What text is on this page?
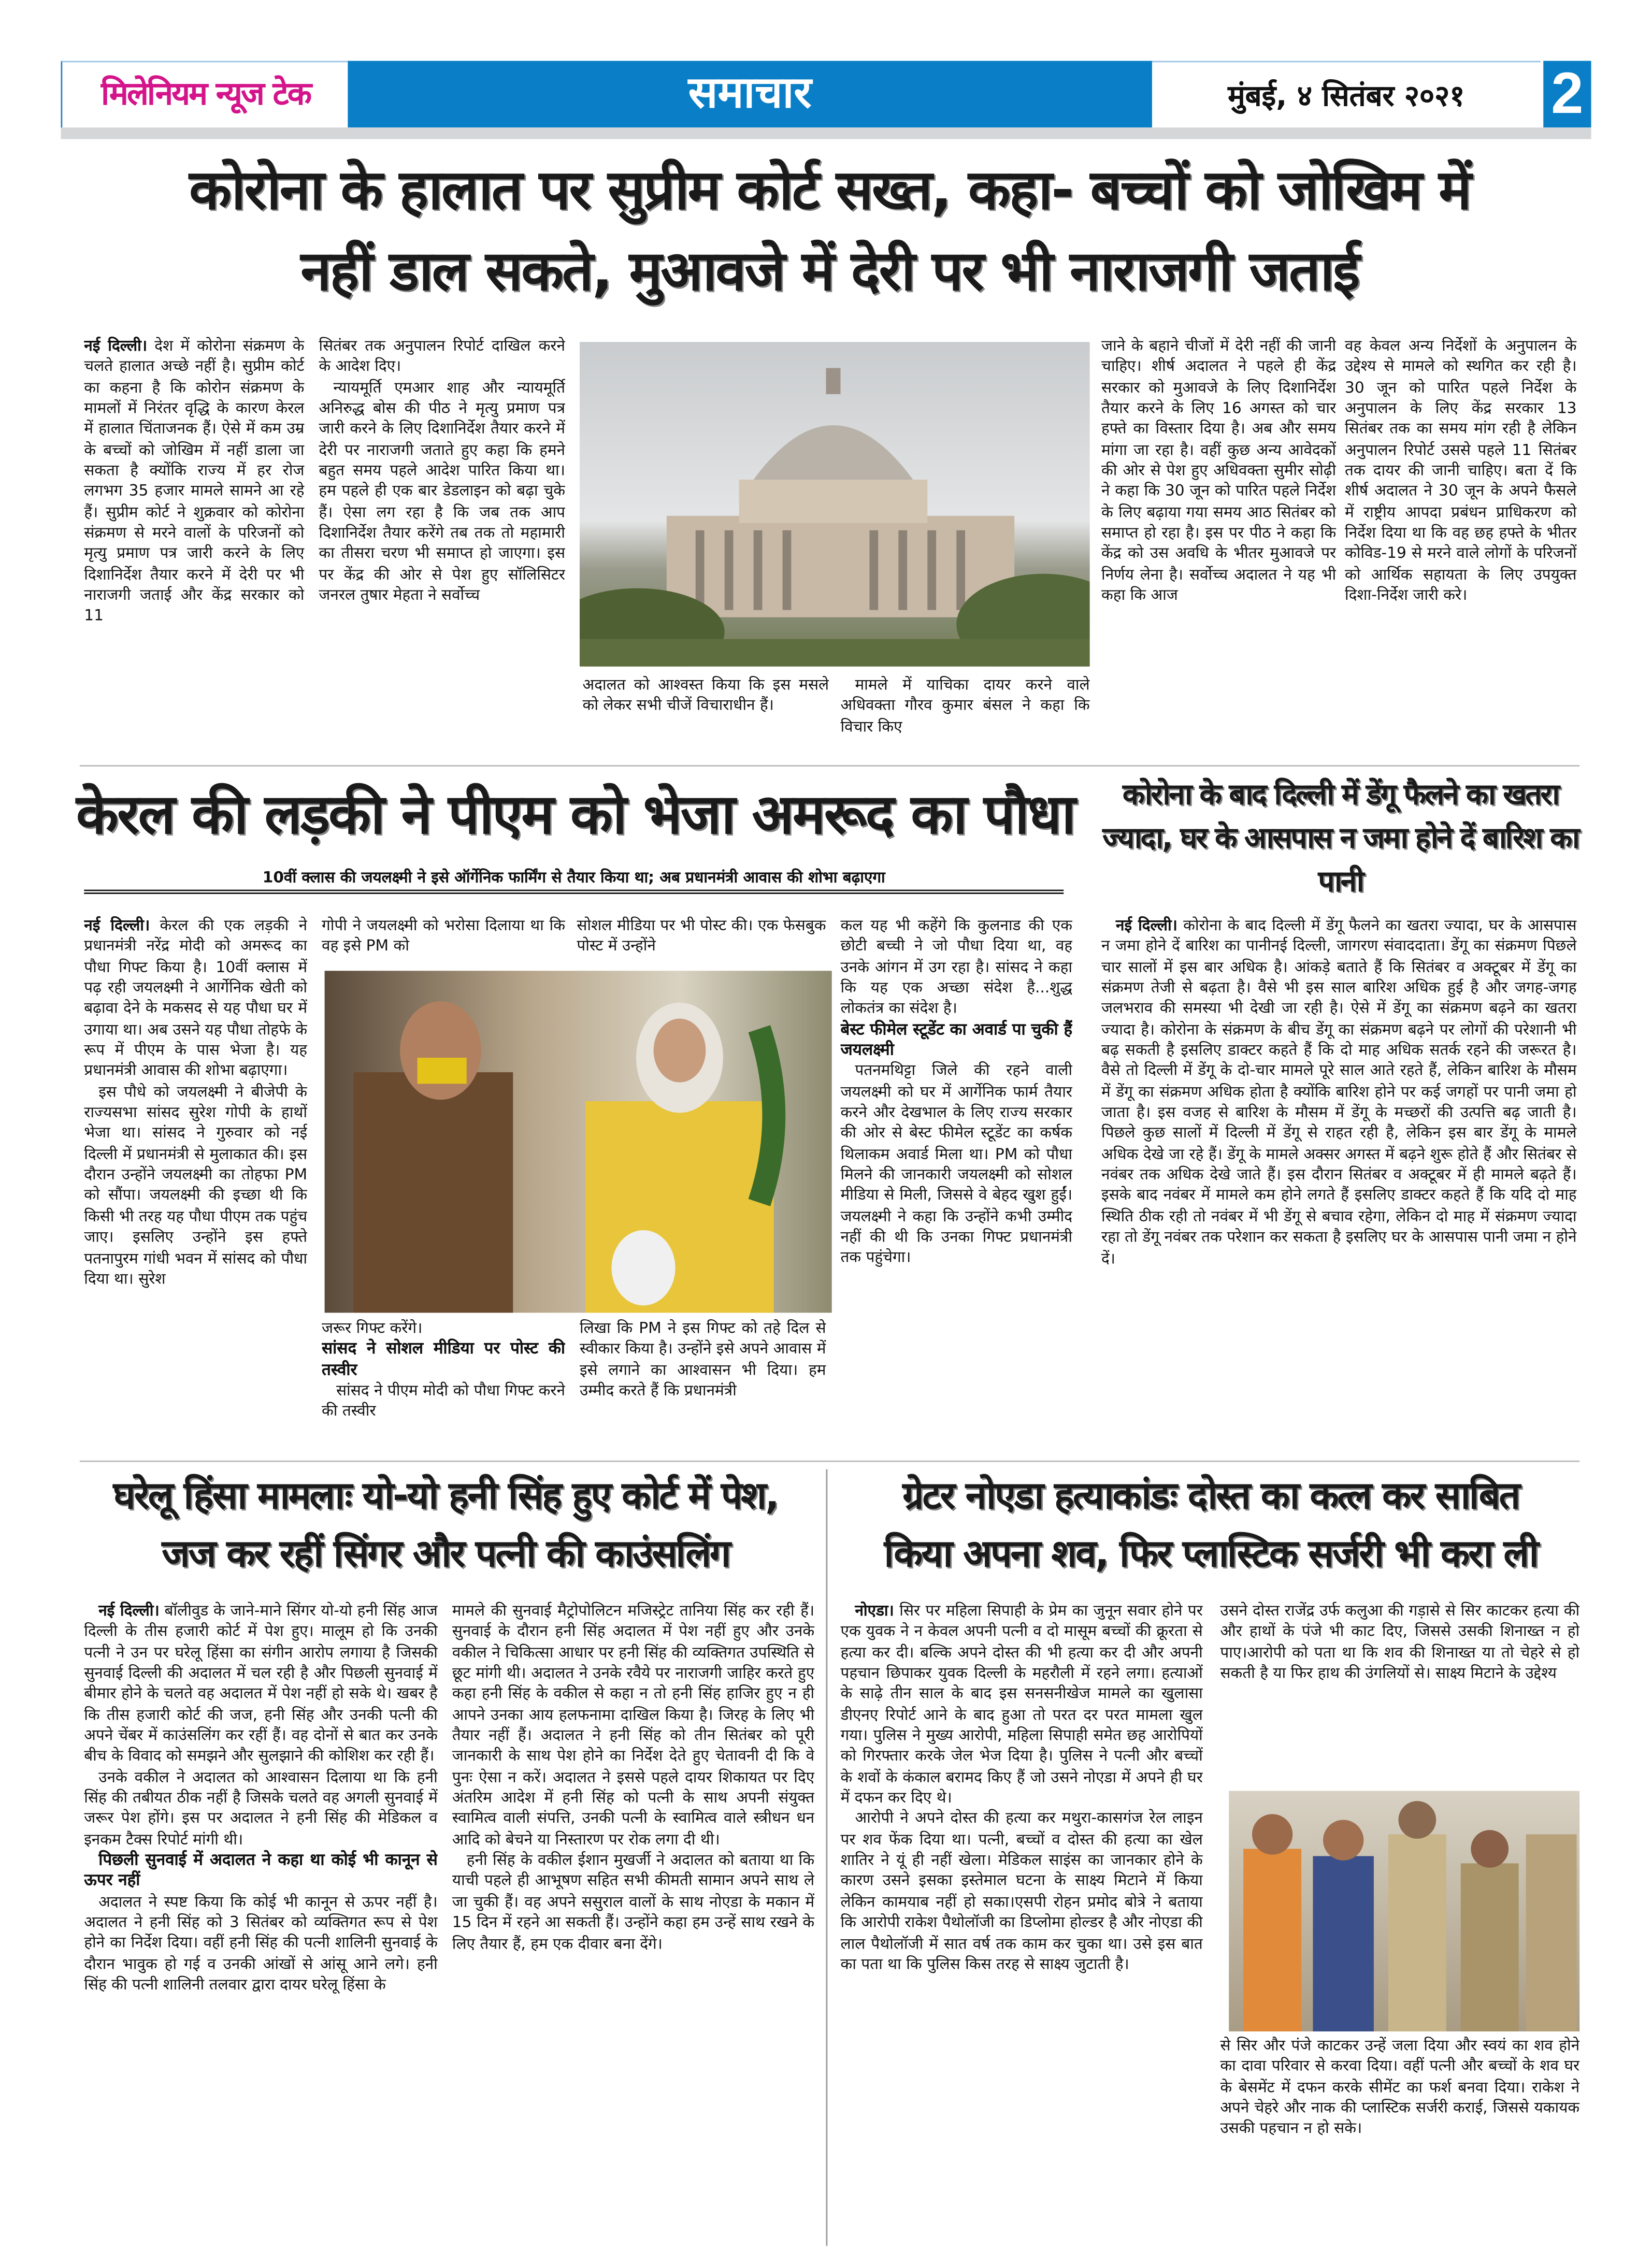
मिलेनियम न्यूज टेक	समाचार	मुंबई, ४ सितंबर २०२१	2
कोरोना के हालात पर सुप्रीम कोर्ट सख्त, कहा- बच्चों को जोखिम में
नहीं डाल सकते, मुआवजे में देरी पर भी नाराजगी जताई

नई दिल्ली। देश में कोरोना संक्रमण के चलते हालात अच्छे नहीं है। सुप्रीम कोर्ट का कहना है कि कोरोन संक्रमण के मामलों में निरंतर वृद्धि के कारण केरल में हालात चिंताजनक हैं। ऐसे में कम उम्र के बच्चों को जोखिम में नहीं डाला जा सकता है क्योंकि राज्य में हर रोज लगभग 35 हजार मामले सामने आ रहे हैं। सुप्रीम कोर्ट ने शुक्रवार को कोरोना संक्रमण से मरने वालों के परिजनों को मृत्यु प्रमाण पत्र जारी करने के लिए दिशानिर्देश तैयार करने में देरी पर भी नाराजगी जताई और केंद्र सरकार को 11

सितंबर तक अनुपालन रिपोर्ट दाखिल करने के आदेश दिए।

न्यायमूर्ति एमआर शाह और न्यायमूर्ति अनिरुद्ध बोस की पीठ ने मृत्यु प्रमाण पत्र जारी करने के लिए दिशानिर्देश तैयार करने में देरी पर नाराजगी जताते हुए कहा कि हमने बहुत समय पहले आदेश पारित किया था। हम पहले ही एक बार डेडलाइन को बढ़ा चुके हैं। ऐसा लग रहा है कि जब तक आप दिशानिर्देश तैयार करेंगे तब तक तो महामारी का तीसरा चरण भी समाप्त हो जाएगा। इस पर केंद्र की ओर से पेश हुए सॉलिसिटर जनरल तुषार मेहता ने सर्वोच्च

अदालत को आश्वस्त किया कि इस मसले को लेकर सभी चीजें विचाराधीन हैं।

मामले में याचिका दायर करने वाले अधिवक्ता गौरव कुमार बंसल ने कहा कि विचार किए

जाने के बहाने चीजों में देरी नहीं की जानी चाहिए। शीर्ष अदालत ने पहले ही केंद्र सरकार को मुआवजे के लिए दिशानिर्देश तैयार करने के लिए 16 अगस्त को चार हफ्ते का विस्तार दिया है। अब और समय मांगा जा रहा है। वहीं कुछ अन्य आवेदकों की ओर से पेश हुए अधिवक्ता सुमीर सोढ़ी ने कहा कि 30 जून को पारित पहले निर्देश के लिए बढ़ाया गया समय आठ सितंबर को समाप्त हो रहा है। इस पर पीठ ने कहा कि केंद्र को उस अवधि के भीतर मुआवजे पर निर्णय लेना है। सर्वोच्च अदालत ने यह भी कहा कि आज

वह केवल अन्य निर्देशों के अनुपालन के उद्देश्य से मामले को स्थगित कर रही है। 30 जून को पारित पहले निर्देश के अनुपालन के लिए केंद्र सरकार 13 सितंबर तक का समय मांग रही है लेकिन अनुपालन रिपोर्ट उससे पहले 11 सितंबर तक दायर की जानी चाहिए। बता दें कि शीर्ष अदालत ने 30 जून के अपने फैसले में राष्ट्रीय आपदा प्रबंधन प्राधिकरण को निर्देश दिया था कि वह छह हफ्ते के भीतर कोविड-19 से मरने वाले लोगों के परिजनों को आर्थिक सहायता के लिए उपयुक्त दिशा-निर्देश जारी करे।

केरल की लड़की ने पीएम को भेजा अमरूद का पौधा
10वीं क्लास की जयलक्ष्मी ने इसे ऑर्गेनिक फार्मिंग से तैयार किया था; अब प्रधानमंत्री आवास की शोभा बढ़ाएगा

नई दिल्ली। केरल की एक लड़की ने प्रधानमंत्री नरेंद्र मोदी को अमरूद का पौधा गिफ्ट किया है। 10वीं क्लास में पढ़ रही जयलक्ष्मी ने आर्गेनिक खेती को बढ़ावा देने के मकसद से यह पौधा घर में उगाया था। अब उसने यह पौधा तोहफे के रूप में पीएम के पास भेजा है। यह प्रधानमंत्री आवास की शोभा बढ़ाएगा।

इस पौधे को जयलक्ष्मी ने बीजेपी के राज्यसभा सांसद सुरेश गोपी के हाथों भेजा था। सांसद ने गुरुवार को नई दिल्ली में प्रधानमंत्री से मुलाकात की। इस दौरान उन्होंने जयलक्ष्मी का तोहफा PM को सौंपा। जयलक्ष्मी की इच्छा थी कि किसी भी तरह यह पौधा पीएम तक पहुंच जाए। इसलिए उन्होंने इस हफ्ते पतनापुरम गांधी भवन में सांसद को पौधा दिया था। सुरेश

गोपी ने जयलक्ष्मी को भरोसा दिलाया था कि वह इसे PM को

सोशल मीडिया पर भी पोस्ट की। एक फेसबुक पोस्ट में उन्होंने

जरूर गिफ्ट करेंगे।

सांसद ने सोशल मीडिया पर पोस्ट की तस्वीर

सांसद ने पीएम मोदी को पौधा गिफ्ट करने की तस्वीर

लिखा कि PM ने इस गिफ्ट को तहे दिल से स्वीकार किया है। उन्होंने इसे अपने आवास में इसे लगाने का आश्वासन भी दिया। हम उम्मीद करते हैं कि प्रधानमंत्री

कल यह भी कहेंगे कि कुलनाड की एक छोटी बच्ची ने जो पौधा दिया था, वह उनके आंगन में उग रहा है। सांसद ने कहा कि यह एक अच्छा संदेश है...शुद्ध लोकतंत्र का संदेश है।

बेस्ट फीमेल स्टूडेंट का अवार्ड पा चुकी हैं जयलक्ष्मी

पतनमथिट्टा जिले की रहने वाली जयलक्ष्मी को घर में आर्गेनिक फार्म तैयार करने और देखभाल के लिए राज्य सरकार की ओर से बेस्ट फीमेल स्टूडेंट का कर्षक थिलाकम अवार्ड मिला था। PM को पौधा मिलने की जानकारी जयलक्ष्मी को सोशल मीडिया से मिली, जिससे वे बेहद खुश हुईं। जयलक्ष्मी ने कहा कि उन्होंने कभी उम्मीद नहीं की थी कि उनका गिफ्ट प्रधानमंत्री तक पहुंचेगा।

कोरोना के बाद दिल्ली में डेंगू फैलने का खतरा ज्यादा, घर के आसपास न जमा होने दें बारिश का पानी

नई दिल्ली। कोरोना के बाद दिल्ली में डेंगू फैलने का खतरा ज्यादा, घर के आसपास न जमा होने दें बारिश का पानीनई दिल्ली, जागरण संवाददाता। डेंगू का संक्रमण पिछले चार सालों में इस बार अधिक है। आंकड़े बताते हैं कि सितंबर व अक्टूबर में डेंगू का संक्रमण तेजी से बढ़ता है। वैसे भी इस साल बारिश अधिक हुई है और जगह-जगह जलभराव की समस्या भी देखी जा रही है। ऐसे में डेंगू का संक्रमण बढ़ने का खतरा ज्यादा है। कोरोना के संक्रमण के बीच डेंगू का संक्रमण बढ़ने पर लोगों की परेशानी भी बढ़ सकती है इसलिए डाक्टर कहते हैं कि दो माह अधिक सतर्क रहने की जरूरत है। वैसे तो दिल्ली में डेंगू के दो-चार मामले पूरे साल आते रहते हैं, लेकिन बारिश के मौसम में डेंगू का संक्रमण अधिक होता है क्योंकि बारिश होने पर कई जगहों पर पानी जमा हो जाता है। इस वजह से बारिश के मौसम में डेंगू के मच्छरों की उत्पत्ति बढ़ जाती है। पिछले कुछ सालों में दिल्ली में डेंगू से राहत रही है, लेकिन इस बार डेंगू के मामले अधिक देखे जा रहे हैं। डेंगू के मामले अक्सर अगस्त में बढ़ने शुरू होते हैं और सितंबर से नवंबर तक अधिक देखे जाते हैं। इस दौरान सितंबर व अक्टूबर में ही मामले बढ़ते हैं। इसके बाद नवंबर में मामले कम होने लगते हैं इसलिए डाक्टर कहते हैं कि यदि दो माह स्थिति ठीक रही तो नवंबर में भी डेंगू से बचाव रहेगा, लेकिन दो माह में संक्रमण ज्यादा रहा तो डेंगू नवंबर तक परेशान कर सकता है इसलिए घर के आसपास पानी जमा न होने दें।

घरेलू हिंसा मामलाः यो-यो हनी सिंह हुए कोर्ट में पेश,
जज कर रहीं सिंगर और पत्नी की काउंसलिंग

नई दिल्ली। बॉलीवुड के जाने-माने सिंगर यो-यो हनी सिंह आज दिल्ली के तीस हजारी कोर्ट में पेश हुए। मालूम हो कि उनकी पत्नी ने उन पर घरेलू हिंसा का संगीन आरोप लगाया है जिसकी सुनवाई दिल्ली की अदालत में चल रही है और पिछली सुनवाई में बीमार होने के चलते वह अदालत में पेश नहीं हो सके थे। खबर है कि तीस हजारी कोर्ट की जज, हनी सिंह और उनकी पत्नी की अपने चेंबर में काउंसलिंग कर रहीं हैं। वह दोनों से बात कर उनके बीच के विवाद को समझने और सुलझाने की कोशिश कर रही हैं।

उनके वकील ने अदालत को आश्वासन दिलाया था कि हनी सिंह की तबीयत ठीक नहीं है जिसके चलते वह अगली सुनवाई में जरूर पेश होंगे। इस पर अदालत ने हनी सिंह की मेडिकल व इनकम टैक्स रिपोर्ट मांगी थी।

पिछली सुनवाई में अदालत ने कहा था कोई भी कानून से ऊपर नहीं

अदालत ने स्पष्ट किया कि कोई भी कानून से ऊपर नहीं है। अदालत ने हनी सिंह को 3 सितंबर को व्यक्तिगत रूप से पेश होने का निर्देश दिया। वहीं हनी सिंह की पत्नी शालिनी सुनवाई के दौरान भावुक हो गई व उनकी आंखों से आंसू आने लगे। हनी सिंह की पत्नी शालिनी तलवार द्वारा दायर घरेलू हिंसा के

मामले की सुनवाई मैट्रोपोलिटन मजिस्ट्रेट तानिया सिंह कर रही हैं। सुनवाई के दौरान हनी सिंह अदालत में पेश नहीं हुए और उनके वकील ने चिकित्सा आधार पर हनी सिंह की व्यक्तिगत उपस्थिति से छूट मांगी थी। अदालत ने उनके रवैये पर नाराजगी जाहिर करते हुए कहा हनी सिंह के वकील से कहा न तो हनी सिंह हाजिर हुए न ही आपने उनका आय हलफनामा दाखिल किया है। जिरह के लिए भी तैयार नहीं हैं। अदालत ने हनी सिंह को तीन सितंबर को पूरी जानकारी के साथ पेश होने का निर्देश देते हुए चेतावनी दी कि वे पुनः ऐसा न करें। अदालत ने इससे पहले दायर शिकायत पर दिए अंतरिम आदेश में हनी सिंह को पत्नी के साथ अपनी संयुक्त स्वामित्व वाली संपत्ति, उनकी पत्नी के स्वामित्व वाले स्त्रीधन धन आदि को बेचने या निस्तारण पर रोक लगा दी थी।

हनी सिंह के वकील ईशान मुखर्जी ने अदालत को बताया था कि याची पहले ही आभूषण सहित सभी कीमती सामान अपने साथ ले जा चुकी हैं। वह अपने ससुराल वालों के साथ नोएडा के मकान में 15 दिन में रहने आ सकती हैं। उन्होंने कहा हम उन्हें साथ रखने के लिए तैयार हैं, हम एक दीवार बना देंगे।

ग्रेटर नोएडा हत्याकांडः दोस्त का कत्ल कर साबित
किया अपना शव, फिर प्लास्टिक सर्जरी भी करा ली

नोएडा। सिर पर महिला सिपाही के प्रेम का जुनून सवार होने पर एक युवक ने न केवल अपनी पत्नी व दो मासूम बच्चों की क्रूरता से हत्या कर दी। बल्कि अपने दोस्त की भी हत्या कर दी और अपनी पहचान छिपाकर युवक दिल्ली के महरौली में रहने लगा। हत्याओं के साढ़े तीन साल के बाद इस सनसनीखेज मामले का खुलासा डीएनए रिपोर्ट आने के बाद हुआ तो परत दर परत मामला खुल गया। पुलिस ने मुख्य आरोपी, महिला सिपाही समेत छह आरोपियों को गिरफ्तार करके जेल भेज दिया है। पुलिस ने पत्नी और बच्चों के शवों के कंकाल बरामद किए हैं जो उसने नोएडा में अपने ही घर में दफन कर दिए थे।

आरोपी ने अपने दोस्त की हत्या कर मथुरा-कासगंज रेल लाइन पर शव फेंक दिया था। पत्नी, बच्चों व दोस्त की हत्या का खेल शातिर ने यूं ही नहीं खेला। मेडिकल साइंस का जानकार होने के कारण उसने इसका इस्तेमाल घटना के साक्ष्य मिटाने में किया लेकिन कामयाब नहीं हो सका।एसपी रोहन प्रमोद बोत्रे ने बताया कि आरोपी राकेश पैथोलॉजी का डिप्लोमा होल्डर है और नोएडा की लाल पैथोलॉजी में सात वर्ष तक काम कर चुका था। उसे इस बात का पता था कि पुलिस किस तरह से साक्ष्य जुटाती है।

उसने दोस्त राजेंद्र उर्फ कलुआ की गड़ासे से सिर काटकर हत्या की और हाथों के पंजे भी काट दिए, जिससे उसकी शिनाख्त न हो पाए।आरोपी को पता था कि शव की शिनाख्त या तो चेहरे से हो सकती है या फिर हाथ की उंगलियों से। साक्ष्य मिटाने के उद्देश्य

से सिर और पंजे काटकर उन्हें जला दिया और स्वयं का शव होने का दावा परिवार से करवा दिया। वहीं पत्नी और बच्चों के शव घर के बेसमेंट में दफन करके सीमेंट का फर्श बनवा दिया। राकेश ने अपने चेहरे और नाक की प्लास्टिक सर्जरी कराई, जिससे यकायक उसकी पहचान न हो सके।
